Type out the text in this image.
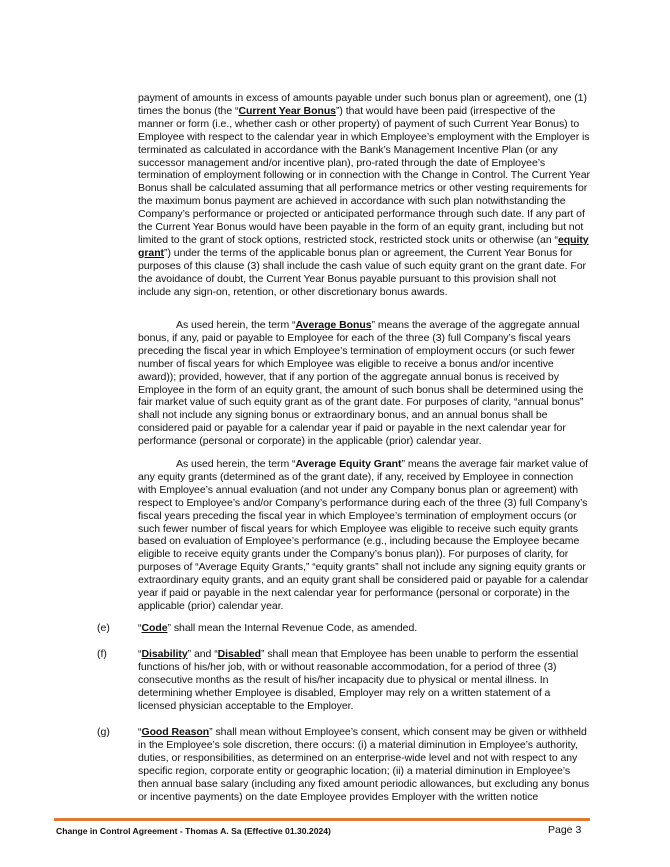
payment of amounts in excess of amounts payable under such bonus plan or agreement), one (1) times the bonus (the “Current Year Bonus”) that would have been paid (irrespective of the manner or form (i.e., whether cash or other property) of payment of such Current Year Bonus) to Employee with respect to the calendar year in which Employee’s employment with the Employer is terminated as calculated in accordance with the Bank’s Management Incentive Plan (or any successor management and/or incentive plan), pro-rated through the date of Employee’s termination of employment following or in connection with the Change in Control. The Current Year Bonus shall be calculated assuming that all performance metrics or other vesting requirements for the maximum bonus payment are achieved in accordance with such plan notwithstanding the Company’s performance or projected or anticipated performance through such date. If any part of the Current Year Bonus would have been payable in the form of an equity grant, including but not limited to the grant of stock options, restricted stock, restricted stock units or otherwise (an “equity grant”) under the terms of the applicable bonus plan or agreement, the Current Year Bonus for purposes of this clause (3) shall include the cash value of such equity grant on the grant date. For the avoidance of doubt, the Current Year Bonus payable pursuant to this provision shall not include any sign-on, retention, or other discretionary bonus awards.

As used herein, the term “Average Bonus” means the average of the aggregate annual bonus, if any, paid or payable to Employee for each of the three (3) full Company’s fiscal years preceding the fiscal year in which Employee’s termination of employment occurs (or such fewer number of fiscal years for which Employee was eligible to receive a bonus and/or incentive award)); provided, however, that if any portion of the aggregate annual bonus is received by Employee in the form of an equity grant, the amount of such bonus shall be determined using the fair market value of such equity grant as of the grant date. For purposes of clarity, “annual bonus” shall not include any signing bonus or extraordinary bonus, and an annual bonus shall be considered paid or payable for a calendar year if paid or payable in the next calendar year for performance (personal or corporate) in the applicable (prior) calendar year.

As used herein, the term “Average Equity Grant” means the average fair market value of any equity grants (determined as of the grant date), if any, received by Employee in connection with Employee’s annual evaluation (and not under any Company bonus plan or agreement) with respect to Employee’s and/or Company’s performance during each of the three (3) full Company’s fiscal years preceding the fiscal year in which Employee’s termination of employment occurs (or such fewer number of fiscal years for which Employee was eligible to receive such equity grants based on evaluation of Employee’s performance (e.g., including because the Employee became eligible to receive equity grants under the Company’s bonus plan)). For purposes of clarity, for purposes of “Average Equity Grants,” “equity grants” shall not include any signing equity grants or extraordinary equity grants, and an equity grant shall be considered paid or payable for a calendar year if paid or payable in the next calendar year for performance (personal or corporate) in the applicable (prior) calendar year.

(e)	“Code” shall mean the Internal Revenue Code, as amended.

(f)	“Disability” and “Disabled” shall mean that Employee has been unable to perform the essential functions of his/her job, with or without reasonable accommodation, for a period of three (3) consecutive months as the result of his/her incapacity due to physical or mental illness. In determining whether Employee is disabled, Employer may rely on a written statement of a licensed physician acceptable to the Employer.

(g)	“Good Reason” shall mean without Employee’s consent, which consent may be given or withheld in the Employee’s sole discretion, there occurs: (i) a material diminution in Employee’s authority, duties, or responsibilities, as determined on an enterprise-wide level and not with respect to any specific region, corporate entity or geographic location; (ii) a material diminution in Employee’s then annual base salary (including any fixed amount periodic allowances, but excluding any bonus or incentive payments) on the date Employee provides Employer with the written notice

Change in Control Agreement - Thomas A. Sa (Effective 01.30.2024)	Page 3
